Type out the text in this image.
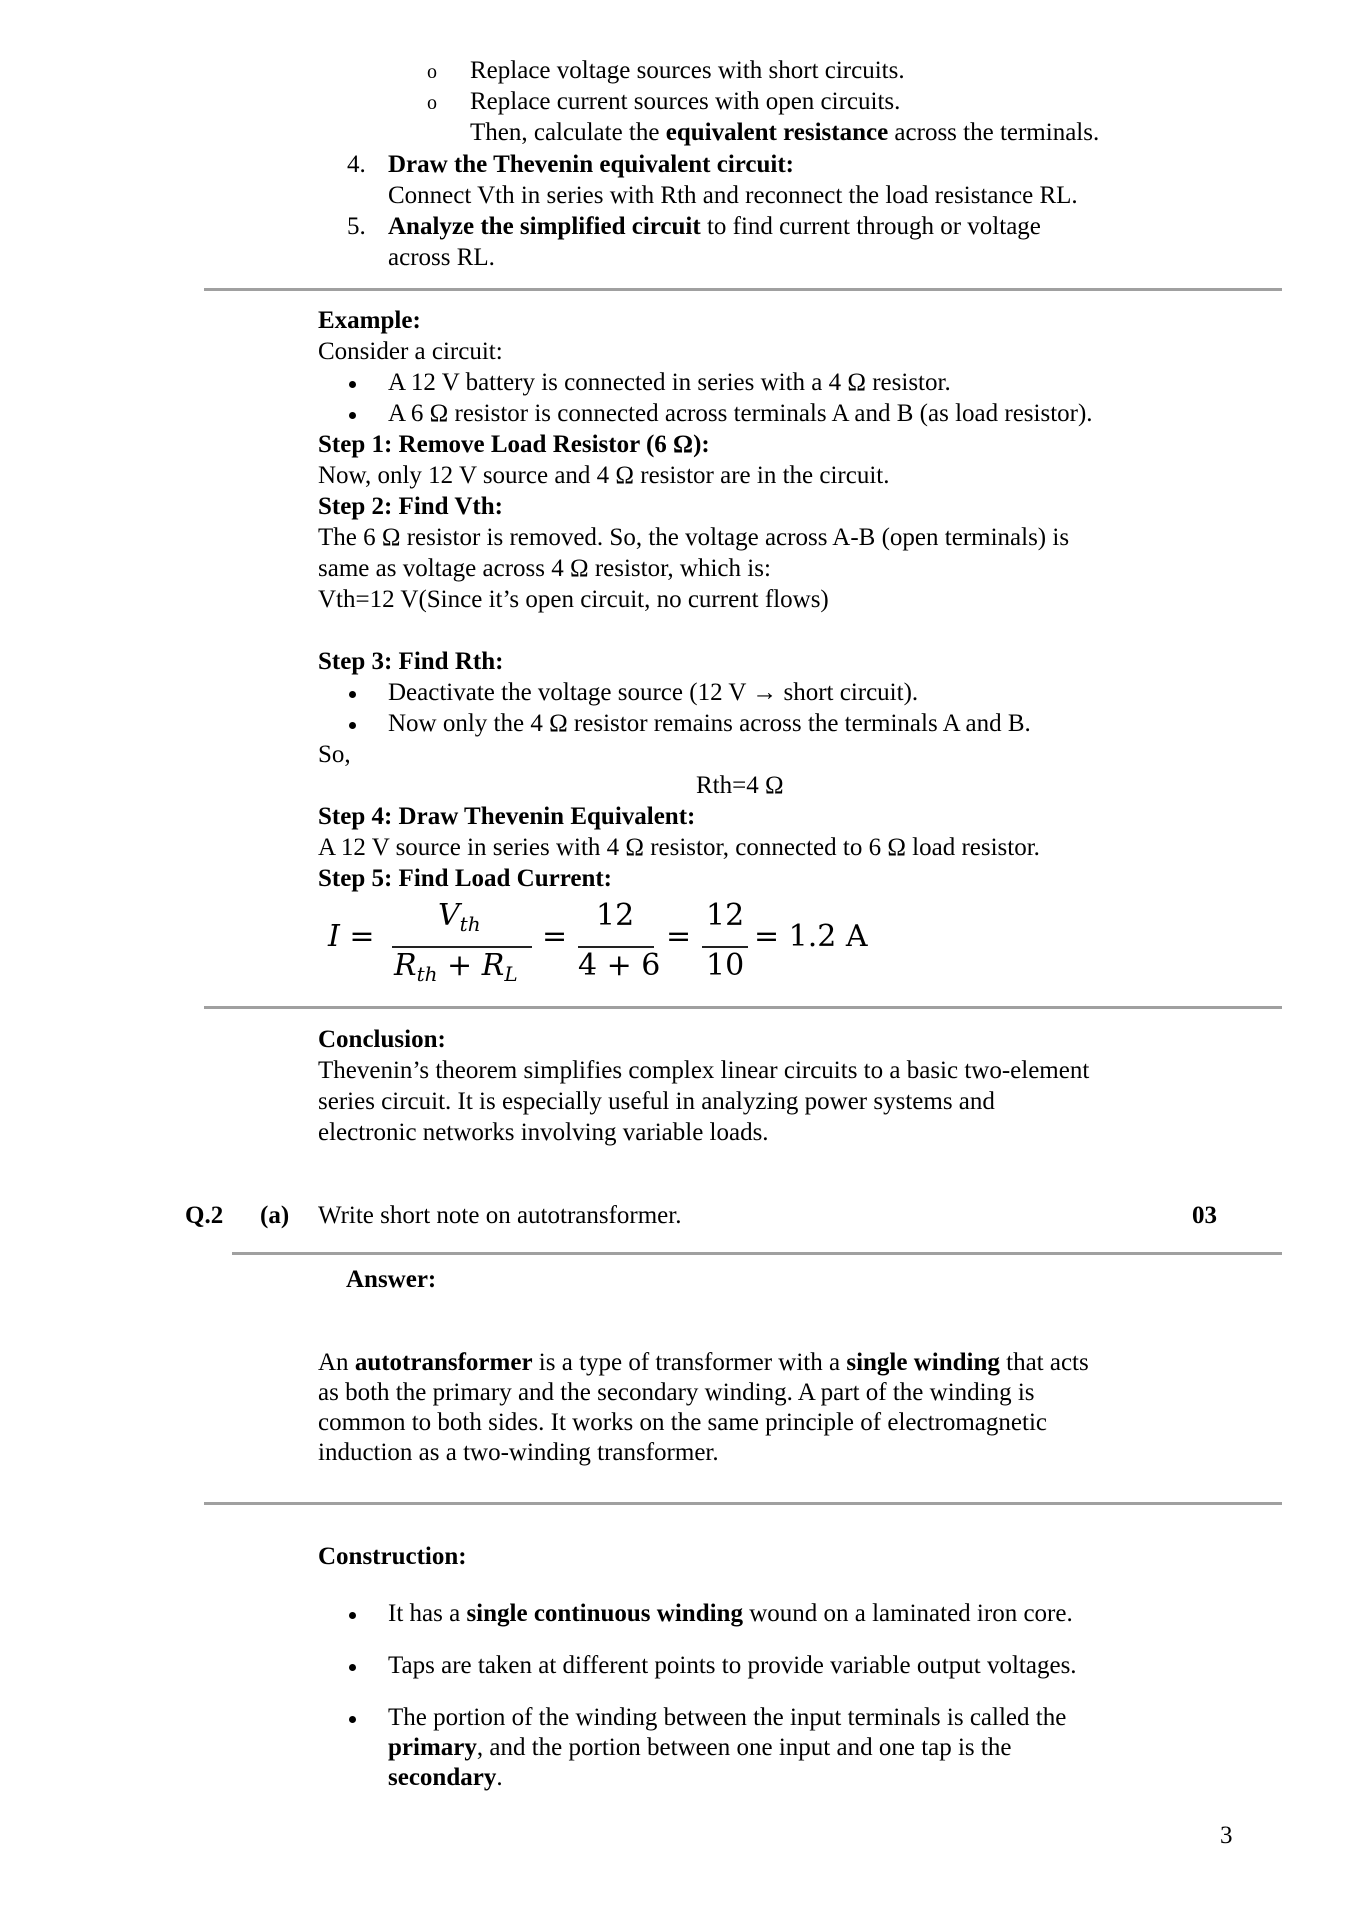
o Replace voltage sources with short circuits.
o Replace current sources with open circuits.
Then, calculate the equivalent resistance across the terminals.
4. Draw the Thevenin equivalent circuit:
Connect Vth in series with Rth and reconnect the load resistance RL.
5. Analyze the simplified circuit to find current through or voltage
across RL.
Example:
Consider a circuit:
A 12 V battery is connected in series with a 4 Ω resistor.
A 6 Ω resistor is connected across terminals A and B (as load resistor).
Step 1: Remove Load Resistor (6 Ω):
Now, only 12 V source and 4 Ω resistor are in the circuit.
Step 2: Find Vth:
The 6 Ω resistor is removed. So, the voltage across A-B (open terminals) is
same as voltage across 4 Ω resistor, which is:
Vth=12 V(Since it’s open circuit, no current flows)
Step 3: Find Rth:
Deactivate the voltage source (12 V → short circuit).
Now only the 4 Ω resistor remains across the terminals A and B.
So,
Rth=4 Ω
Step 4: Draw Thevenin Equivalent:
A 12 V source in series with 4 Ω resistor, connected to 6 Ω load resistor.
Step 5: Find Load Current:
I =
$V_{th}$
$R_{th} + R_L$
=
12
4 + 6
=
12
10
= 1.2 A
Conclusion:
Thevenin’s theorem simplifies complex linear circuits to a basic two-element
series circuit. It is especially useful in analyzing power systems and
electronic networks involving variable loads.
Q.2 (a) Write short note on autotransformer.	03
Answer:
An autotransformer is a type of transformer with a single winding that acts
as both the primary and the secondary winding. A part of the winding is
common to both sides. It works on the same principle of electromagnetic
induction as a two-winding transformer.
Construction:
It has a single continuous winding wound on a laminated iron core.
Taps are taken at different points to provide variable output voltages.
The portion of the winding between the input terminals is called the
primary, and the portion between one input and one tap is the
secondary.
3
